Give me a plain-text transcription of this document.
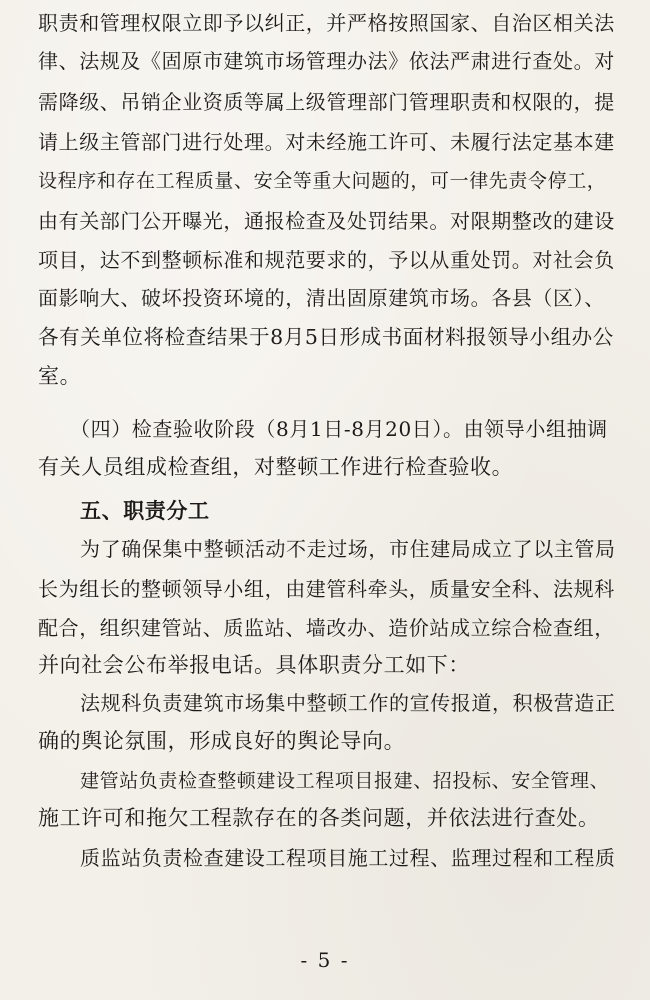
职责和管理权限立即予以纠正，并严格按照国家、自治区相关法
律、法规及《固原市建筑市场管理办法》依法严肃进行查处。对
需降级、吊销企业资质等属上级管理部门管理职责和权限的，提
请上级主管部门进行处理。对未经施工许可、未履行法定基本建
设程序和存在工程质量、安全等重大问题的，可一律先责令停工，
由有关部门公开曝光，通报检查及处罚结果。对限期整改的建设
项目，达不到整顿标准和规范要求的，予以从重处罚。对社会负
面影响大、破坏投资环境的，清出固原建筑市场。各县（区）、
各有关单位将检查结果于8月5日形成书面材料报领导小组办公
室。
（四）检查验收阶段（8月1日-8月20日）。由领导小组抽调
有关人员组成检查组，对整顿工作进行检查验收。
五、职责分工
为了确保集中整顿活动不走过场，市住建局成立了以主管局
长为组长的整顿领导小组，由建管科牵头，质量安全科、法规科
配合，组织建管站、质监站、墙改办、造价站成立综合检查组，
并向社会公布举报电话。具体职责分工如下：
法规科负责建筑市场集中整顿工作的宣传报道，积极营造正
确的舆论氛围，形成良好的舆论导向。
建管站负责检查整顿建设工程项目报建、招投标、安全管理、
施工许可和拖欠工程款存在的各类问题，并依法进行查处。
质监站负责检查建设工程项目施工过程、监理过程和工程质
- 5 -
